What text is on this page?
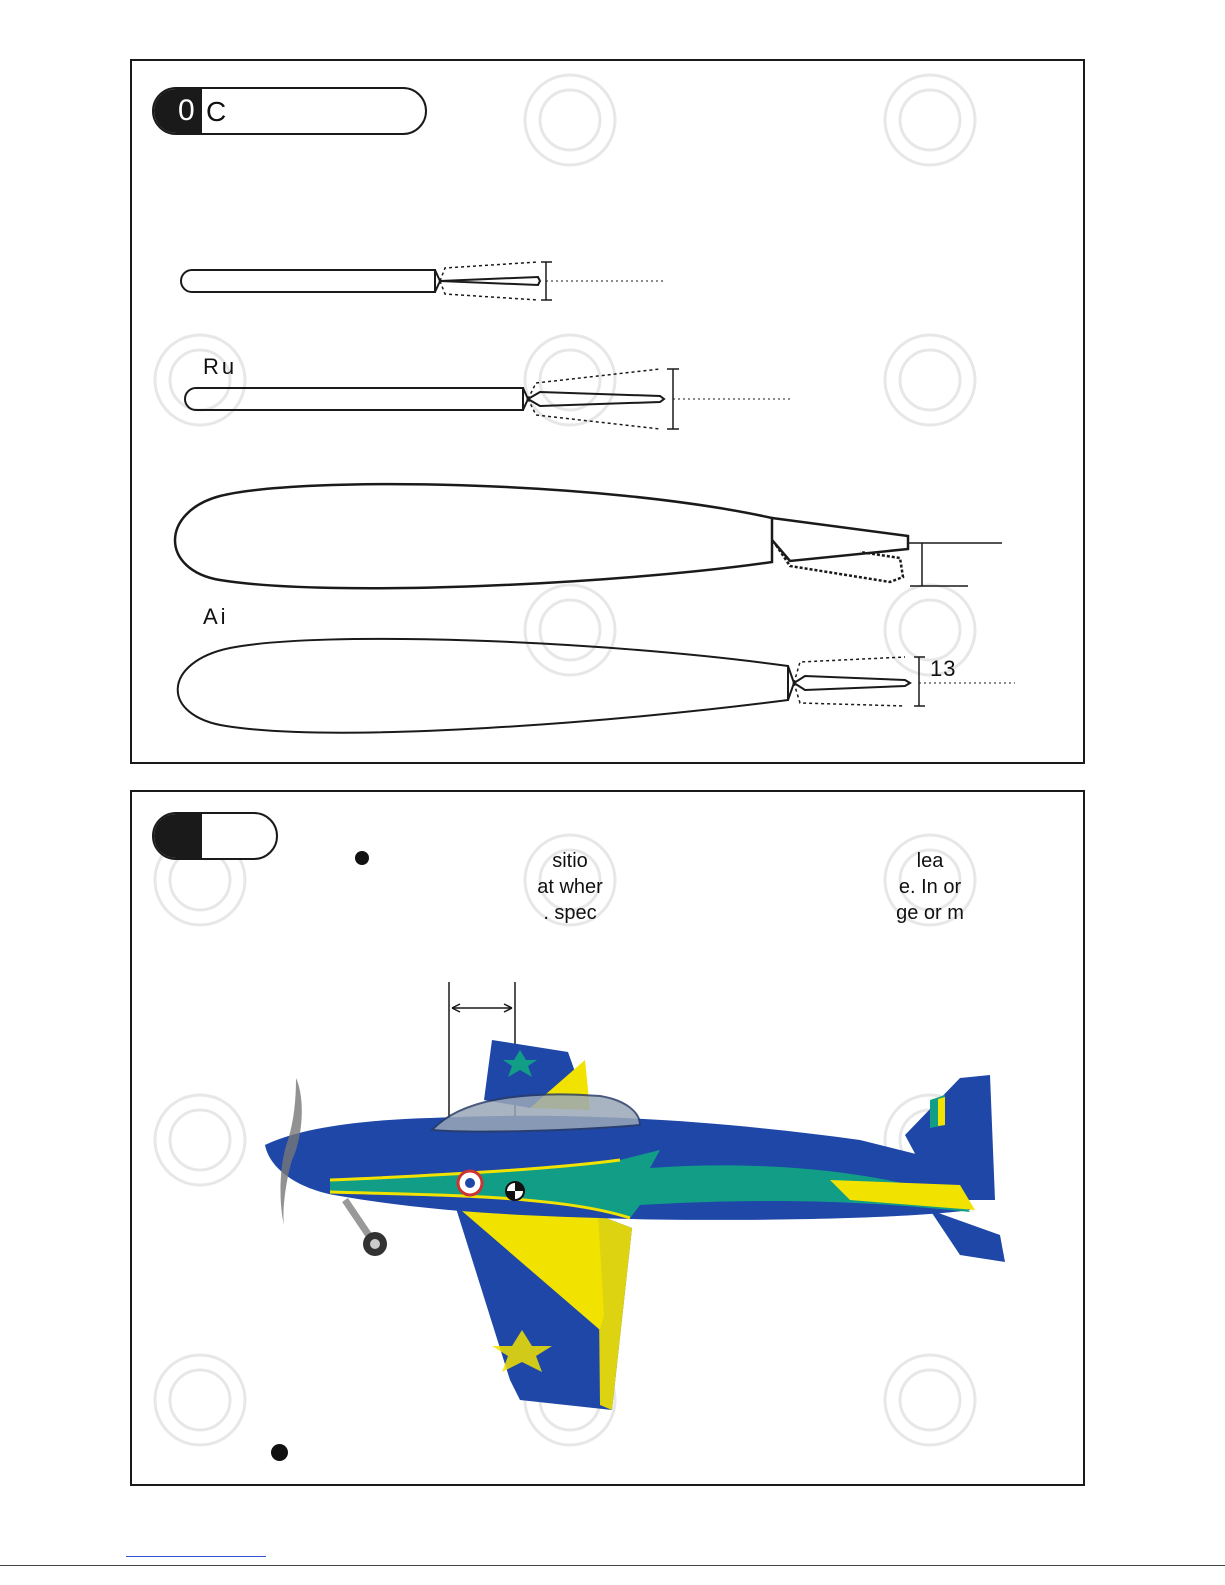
0 C
Ru
Ai
13
sitio
at wher
. spec
lea
e. In or
ge or m
